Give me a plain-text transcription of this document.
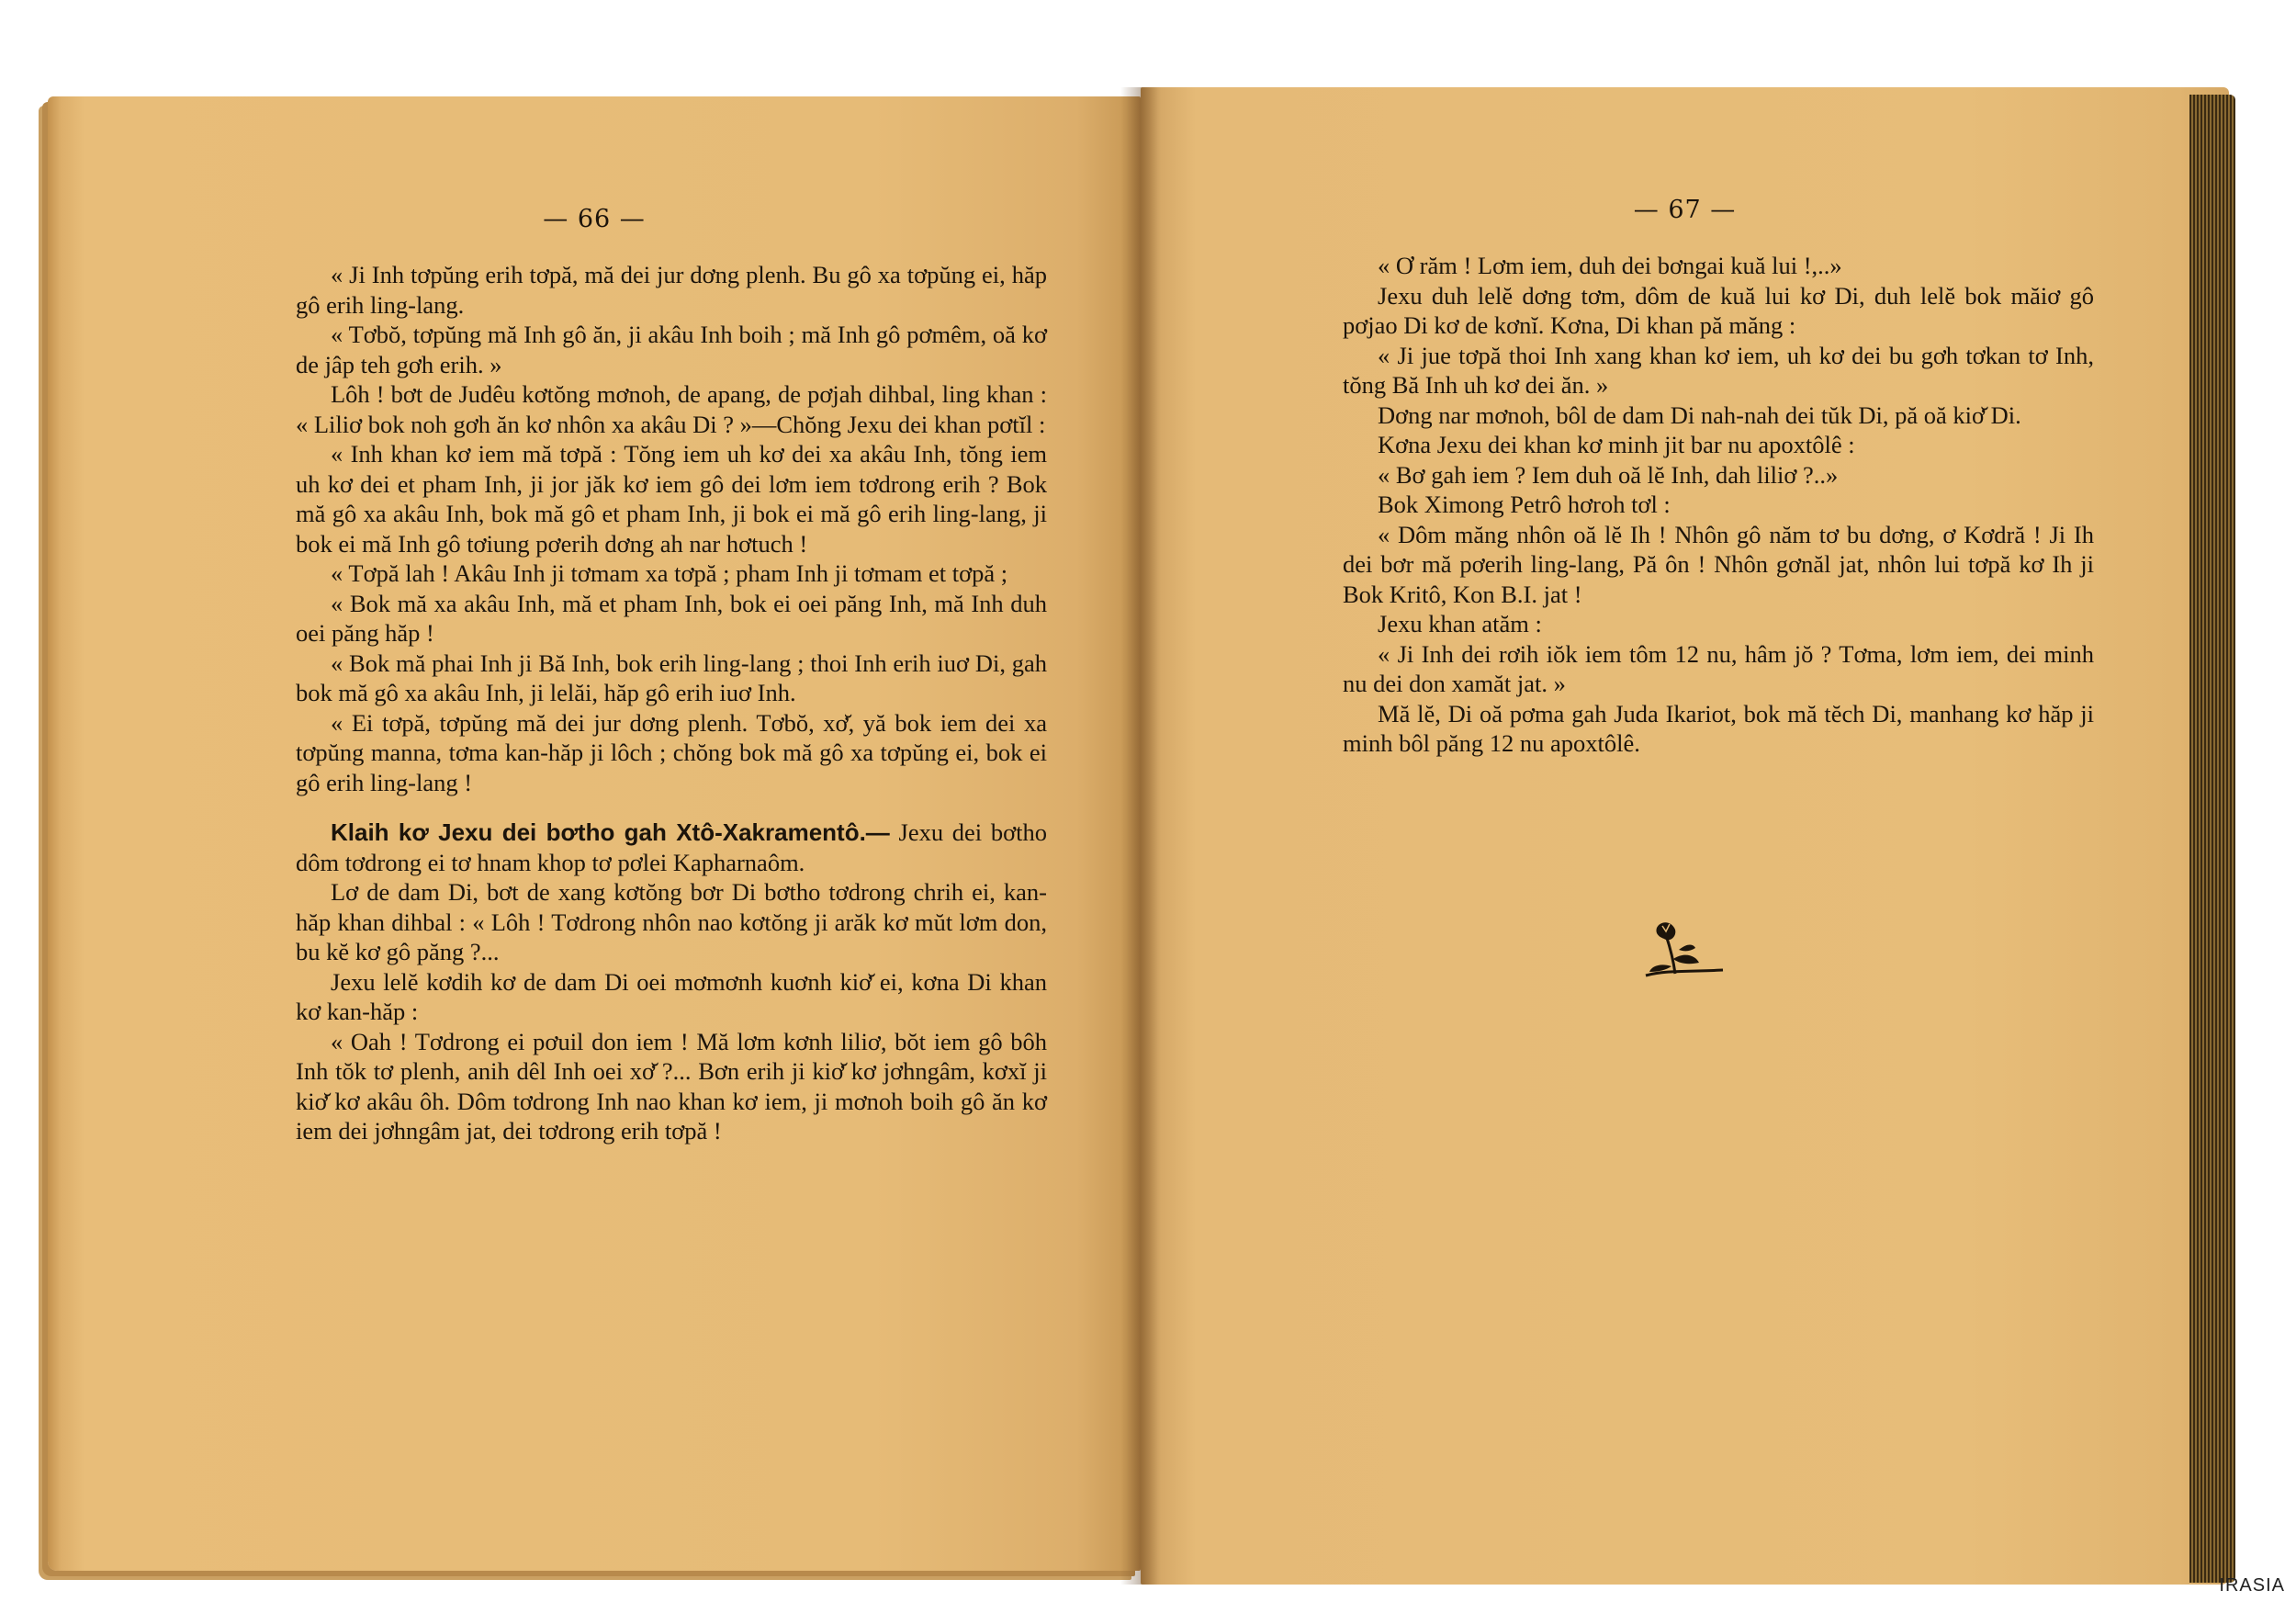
— 66 —

« Ji Inh tơpŭng erih tơpă, mă dei jur dơng plenh. Bu gô xa tơpŭng ei, hăp gô erih ling-lang.

« Tơbŏ, tơpŭng mă Inh gô ăn, ji akâu Inh boih ; mă Inh gô pơmêm, oă kơ de jâp teh gơh erih. »

Lôh ! bơt de Judêu kơtŏng mơnoh, de apang, de pơjah dihbal, ling khan : « Liliơ bok noh gơh ăn kơ nhôn xa akâu Di ? »—Chŏng Jexu dei khan pơtĭl :

« Inh khan kơ iem mă tơpă : Tŏng iem uh kơ dei xa akâu Inh, tŏng iem uh kơ dei et pham Inh, ji jor jăk kơ iem gô dei lơm iem tơdrong erih ? Bok mă gô xa akâu Inh, bok mă gô et pham Inh, ji bok ei mă gô erih ling-lang, ji bok ei mă Inh gô tơiung pơerih dơng ah nar hơtuch !

« Tơpă lah ! Akâu Inh ji tơmam xa tơpă ; pham Inh ji tơmam et tơpă ;

« Bok mă xa akâu Inh, mă et pham Inh, bok ei oei păng Inh, mă Inh duh oei păng hăp !

« Bok mă phai Inh ji Bă Inh, bok erih ling-lang ; thoi Inh erih iuơ Di, gah bok mă gô xa akâu Inh, ji lelăi, hăp gô erih iuơ Inh.

« Ei tơpă, tơpŭng mă dei jur dơng plenh. Tơbŏ, xơ̆, yă bok iem dei xa tơpŭng manna, tơma kan-hăp ji lôch ; chŏng bok mă gô xa tơpŭng ei, bok ei gô erih ling-lang !

Klaih kơ Jexu dei bơtho gah Xtô-Xakramentô.— Jexu dei bơtho dôm tơdrong ei tơ hnam khop tơ pơlei Kapharnaôm.

Lơ de dam Di, bơt de xang kơtŏng bơr Di bơtho tơdrong chrih ei, kan-hăp khan dihbal : « Lôh ! Tơdrong nhôn nao kơtŏng ji arăk kơ mŭt lơm don, bu kĕ kơ gô păng ?...

Jexu lelĕ kơdih kơ de dam Di oei mơmơnh kuơnh kiơ̆ ei, kơna Di khan kơ kan-hăp :

« Oah ! Tơdrong ei pơuil don iem ! Mă lơm kơnh liliơ, bŏt iem gô bôh Inh tŏk tơ plenh, anih dêl Inh oei xơ̆ ?... Bơn erih ji kiơ̆ kơ jơhngâm, kơxĭ ji kiơ̆ kơ akâu ôh. Dôm tơdrong Inh nao khan kơ iem, ji mơnoh boih gô ăn kơ iem dei jơhngâm jat, dei tơdrong erih tơpă !

— 67 —

« Ơ răm ! Lơm iem, duh dei bơngai kuă lui !,..»

Jexu duh lelĕ dơng tơm, dôm de kuă lui kơ Di, duh lelĕ bok măiơ gô pơjao Di kơ de kơnĭ. Kơna, Di khan pă măng :

« Ji jue tơpă thoi Inh xang khan kơ iem, uh kơ dei bu gơh tơkan tơ Inh, tŏng Bă Inh uh kơ dei ăn. »

Dơng nar mơnoh, bôl de dam Di nah-nah dei tŭk Di, pă oă kiơ̆ Di.

Kơna Jexu dei khan kơ minh jit bar nu apoxtôlê :

« Bơ gah iem ? Iem duh oă lĕ Inh, dah liliơ ?..»

Bok Ximong Petrô hơroh tơl :

« Dôm măng nhôn oă lĕ Ih ! Nhôn gô năm tơ bu dơng, ơ Kơdră ! Ji Ih dei bơr mă pơerih ling-lang, Pă ôn ! Nhôn gơnăl jat, nhôn lui tơpă kơ Ih ji Bok Kritô, Kon B.I. jat !

Jexu khan atăm :

« Ji Inh dei rơih iŏk iem tôm 12 nu, hâm jŏ ? Tơma, lơm iem, dei minh nu dei don xamăt jat. »

Mă lĕ, Di oă pơma gah Juda Ikariot, bok mă tĕch Di, manhang kơ hăp ji minh bôl păng 12 nu apoxtôlê.

IRASIA
